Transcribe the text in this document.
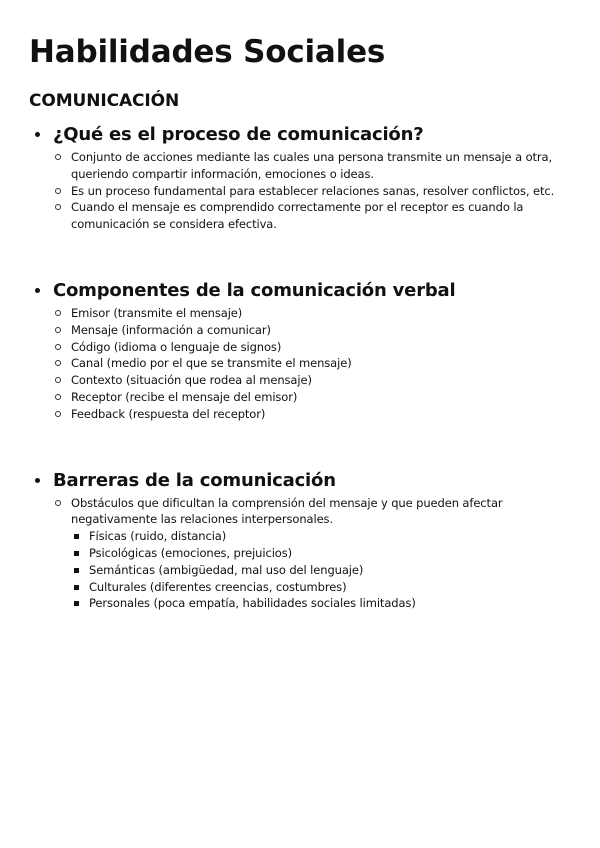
Habilidades Sociales
COMUNICACIÓN
¿Qué es el proceso de comunicación?
Conjunto de acciones mediante las cuales una persona transmite un mensaje a otra, queriendo compartir información, emociones o ideas.
Es un proceso fundamental para establecer relaciones sanas, resolver conflictos, etc.
Cuando el mensaje es comprendido correctamente por el receptor es cuando la comunicación se considera efectiva.
Componentes de la comunicación verbal
Emisor (transmite el mensaje)
Mensaje (información a comunicar)
Código (idioma o lenguaje de signos)
Canal (medio por el que se transmite el mensaje)
Contexto (situación que rodea al mensaje)
Receptor (recibe el mensaje del emisor)
Feedback (respuesta del receptor)
Barreras de la comunicación
Obstáculos que dificultan la comprensión del mensaje y que pueden afectar negativamente las relaciones interpersonales.
Físicas (ruido, distancia)
Psicológicas (emociones, prejuicios)
Semánticas (ambigüedad, mal uso del lenguaje)
Culturales (diferentes creencias, costumbres)
Personales (poca empatía, habilidades sociales limitadas)
